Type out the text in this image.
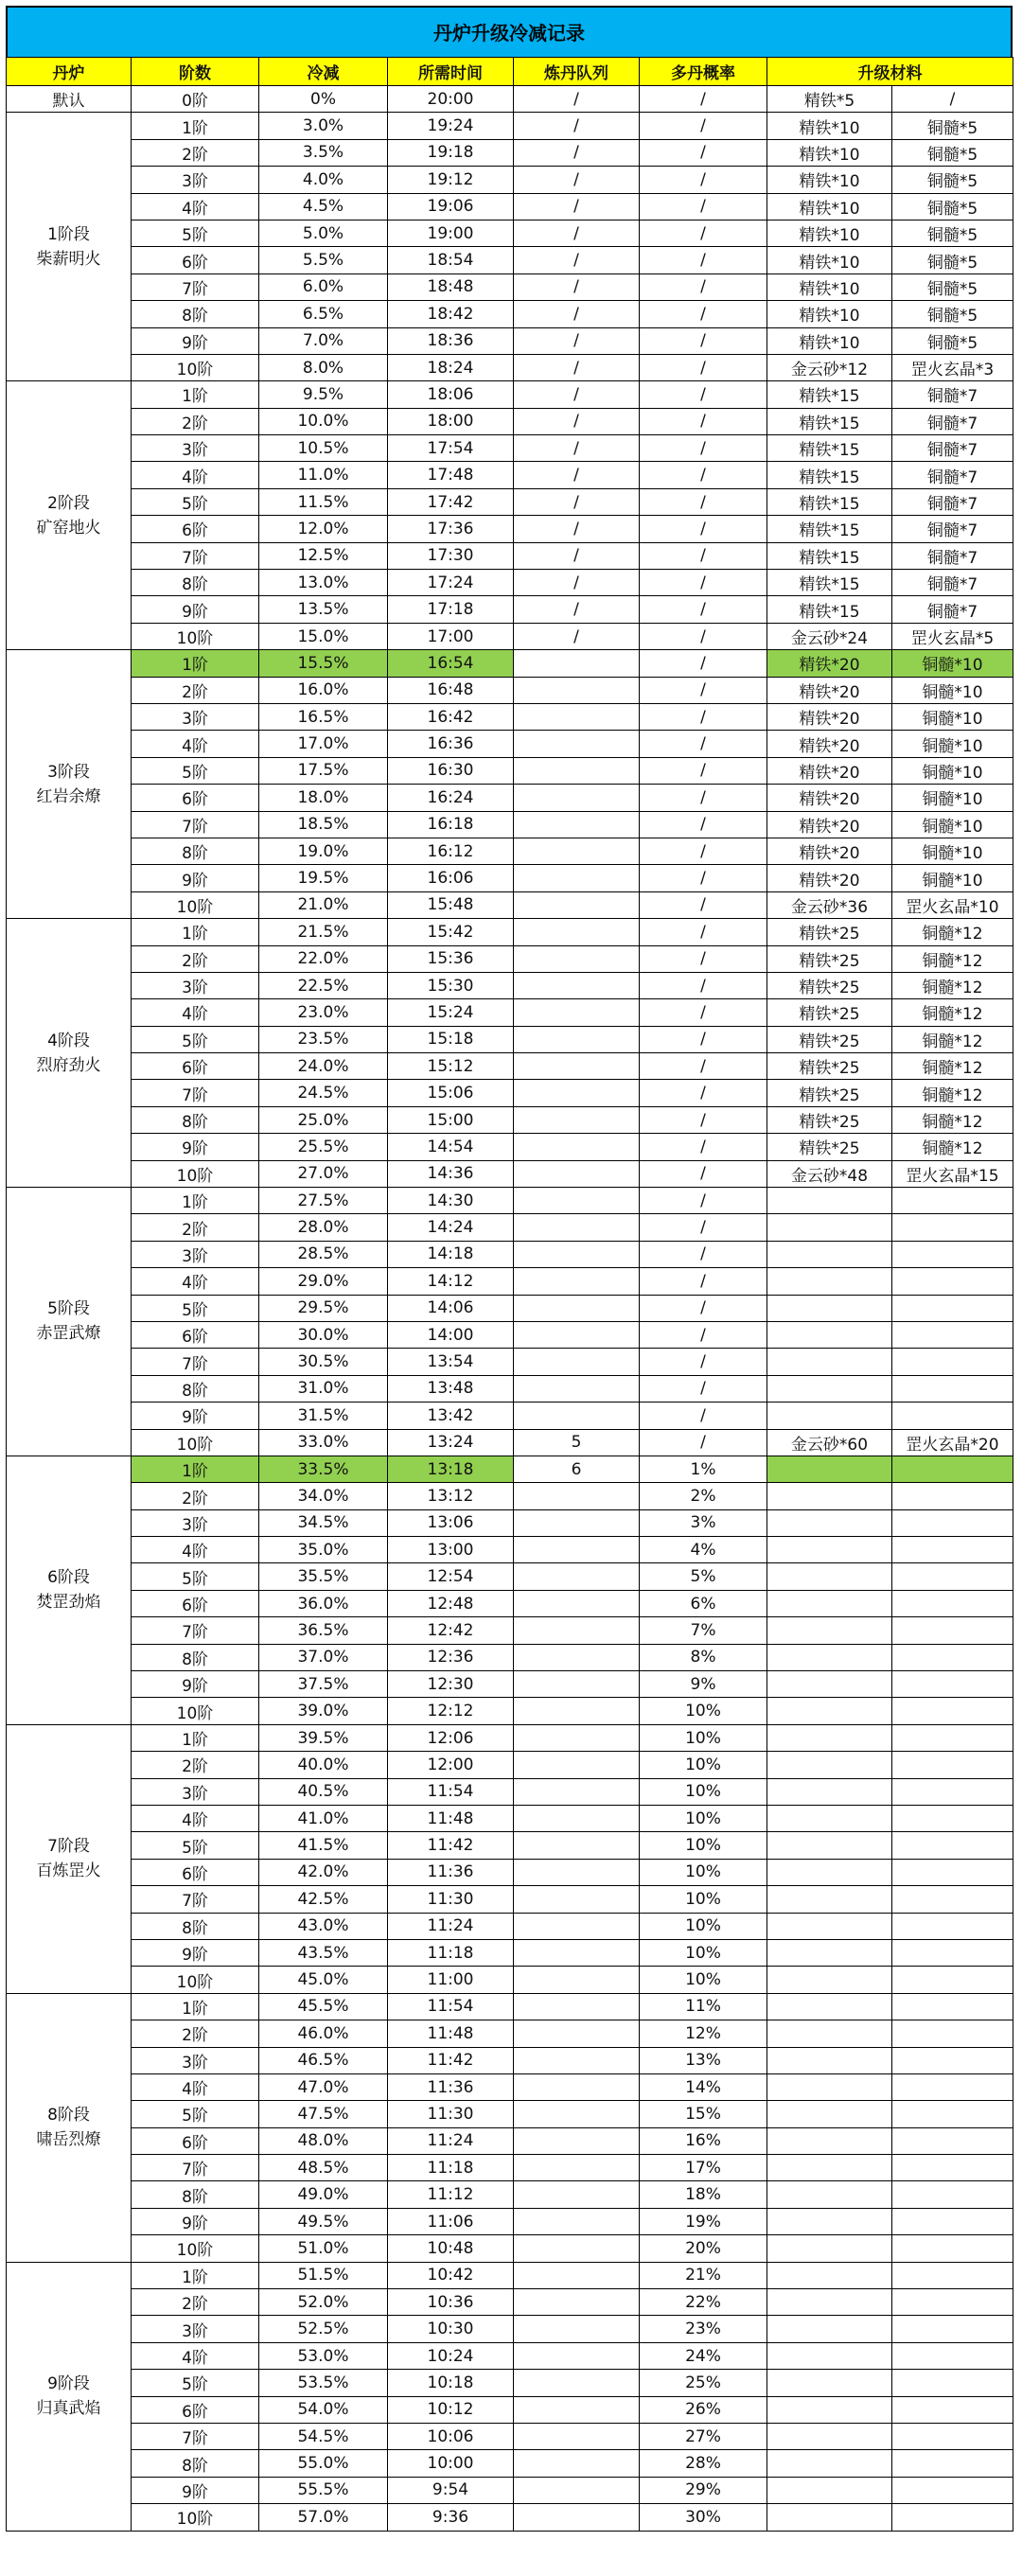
丹炉升级冷减记录
丹炉	阶数	冷减	所需时间	炼丹队列	多丹概率	升级材料	
默认	0阶	0%	20:00	/	/	精铁*5	/

1阶段
柴薪明火	1阶	3.0%	19:24	/	/	精铁*10	铜髓*5
	2阶	3.5%	19:18	/	/	精铁*10	铜髓*5
	3阶	4.0%	19:12	/	/	精铁*10	铜髓*5
	4阶	4.5%	19:06	/	/	精铁*10	铜髓*5
	5阶	5.0%	19:00	/	/	精铁*10	铜髓*5
	6阶	5.5%	18:54	/	/	精铁*10	铜髓*5
	7阶	6.0%	18:48	/	/	精铁*10	铜髓*5
	8阶	6.5%	18:42	/	/	精铁*10	铜髓*5
	9阶	7.0%	18:36	/	/	精铁*10	铜髓*5
	10阶	8.0%	18:24	/	/	金云砂*12	罡火玄晶*3

2阶段
矿窑地火	1阶	9.5%	18:06	/	/	精铁*15	铜髓*7
	2阶	10.0%	18:00	/	/	精铁*15	铜髓*7
	3阶	10.5%	17:54	/	/	精铁*15	铜髓*7
	4阶	11.0%	17:48	/	/	精铁*15	铜髓*7
	5阶	11.5%	17:42	/	/	精铁*15	铜髓*7
	6阶	12.0%	17:36	/	/	精铁*15	铜髓*7
	7阶	12.5%	17:30	/	/	精铁*15	铜髓*7
	8阶	13.0%	17:24	/	/	精铁*15	铜髓*7
	9阶	13.5%	17:18	/	/	精铁*15	铜髓*7
	10阶	15.0%	17:00	/	/	金云砂*24	罡火玄晶*5

3阶段
红岩余燎	1阶	15.5%	16:54		/	精铁*20	铜髓*10
	2阶	16.0%	16:48		/	精铁*20	铜髓*10
	3阶	16.5%	16:42		/	精铁*20	铜髓*10
	4阶	17.0%	16:36		/	精铁*20	铜髓*10
	5阶	17.5%	16:30		/	精铁*20	铜髓*10
	6阶	18.0%	16:24		/	精铁*20	铜髓*10
	7阶	18.5%	16:18		/	精铁*20	铜髓*10
	8阶	19.0%	16:12		/	精铁*20	铜髓*10
	9阶	19.5%	16:06		/	精铁*20	铜髓*10
	10阶	21.0%	15:48		/	金云砂*36	罡火玄晶*10

4阶段
烈府劲火	1阶	21.5%	15:42		/	精铁*25	铜髓*12
	2阶	22.0%	15:36		/	精铁*25	铜髓*12
	3阶	22.5%	15:30		/	精铁*25	铜髓*12
	4阶	23.0%	15:24		/	精铁*25	铜髓*12
	5阶	23.5%	15:18		/	精铁*25	铜髓*12
	6阶	24.0%	15:12		/	精铁*25	铜髓*12
	7阶	24.5%	15:06		/	精铁*25	铜髓*12
	8阶	25.0%	15:00		/	精铁*25	铜髓*12
	9阶	25.5%	14:54		/	精铁*25	铜髓*12
	10阶	27.0%	14:36		/	金云砂*48	罡火玄晶*15

5阶段
赤罡武燎	1阶	27.5%	14:30		/		
	2阶	28.0%	14:24		/		
	3阶	28.5%	14:18		/		
	4阶	29.0%	14:12		/		
	5阶	29.5%	14:06		/		
	6阶	30.0%	14:00		/		
	7阶	30.5%	13:54		/		
	8阶	31.0%	13:48		/		
	9阶	31.5%	13:42		/		
	10阶	33.0%	13:24	5	/	金云砂*60	罡火玄晶*20

6阶段
焚罡劲焰	1阶	33.5%	13:18	6	1%		
	2阶	34.0%	13:12		2%		
	3阶	34.5%	13:06		3%		
	4阶	35.0%	13:00		4%		
	5阶	35.5%	12:54		5%		
	6阶	36.0%	12:48		6%		
	7阶	36.5%	12:42		7%		
	8阶	37.0%	12:36		8%		
	9阶	37.5%	12:30		9%		
	10阶	39.0%	12:12		10%		

7阶段
百炼罡火	1阶	39.5%	12:06		10%		
	2阶	40.0%	12:00		10%		
	3阶	40.5%	11:54		10%		
	4阶	41.0%	11:48		10%		
	5阶	41.5%	11:42		10%		
	6阶	42.0%	11:36		10%		
	7阶	42.5%	11:30		10%		
	8阶	43.0%	11:24		10%		
	9阶	43.5%	11:18		10%		
	10阶	45.0%	11:00		10%		

8阶段
啸岳烈燎	1阶	45.5%	11:54		11%		
	2阶	46.0%	11:48		12%		
	3阶	46.5%	11:42		13%		
	4阶	47.0%	11:36		14%		
	5阶	47.5%	11:30		15%		
	6阶	48.0%	11:24		16%		
	7阶	48.5%	11:18		17%		
	8阶	49.0%	11:12		18%		
	9阶	49.5%	11:06		19%		
	10阶	51.0%	10:48		20%		

9阶段
归真武焰	1阶	51.5%	10:42		21%		
	2阶	52.0%	10:36		22%		
	3阶	52.5%	10:30		23%		
	4阶	53.0%	10:24		24%		
	5阶	53.5%	10:18		25%		
	6阶	54.0%	10:12		26%		
	7阶	54.5%	10:06		27%		
	8阶	55.0%	10:00		28%		
	9阶	55.5%	9:54		29%		
	10阶	57.0%	9:36		30%		
